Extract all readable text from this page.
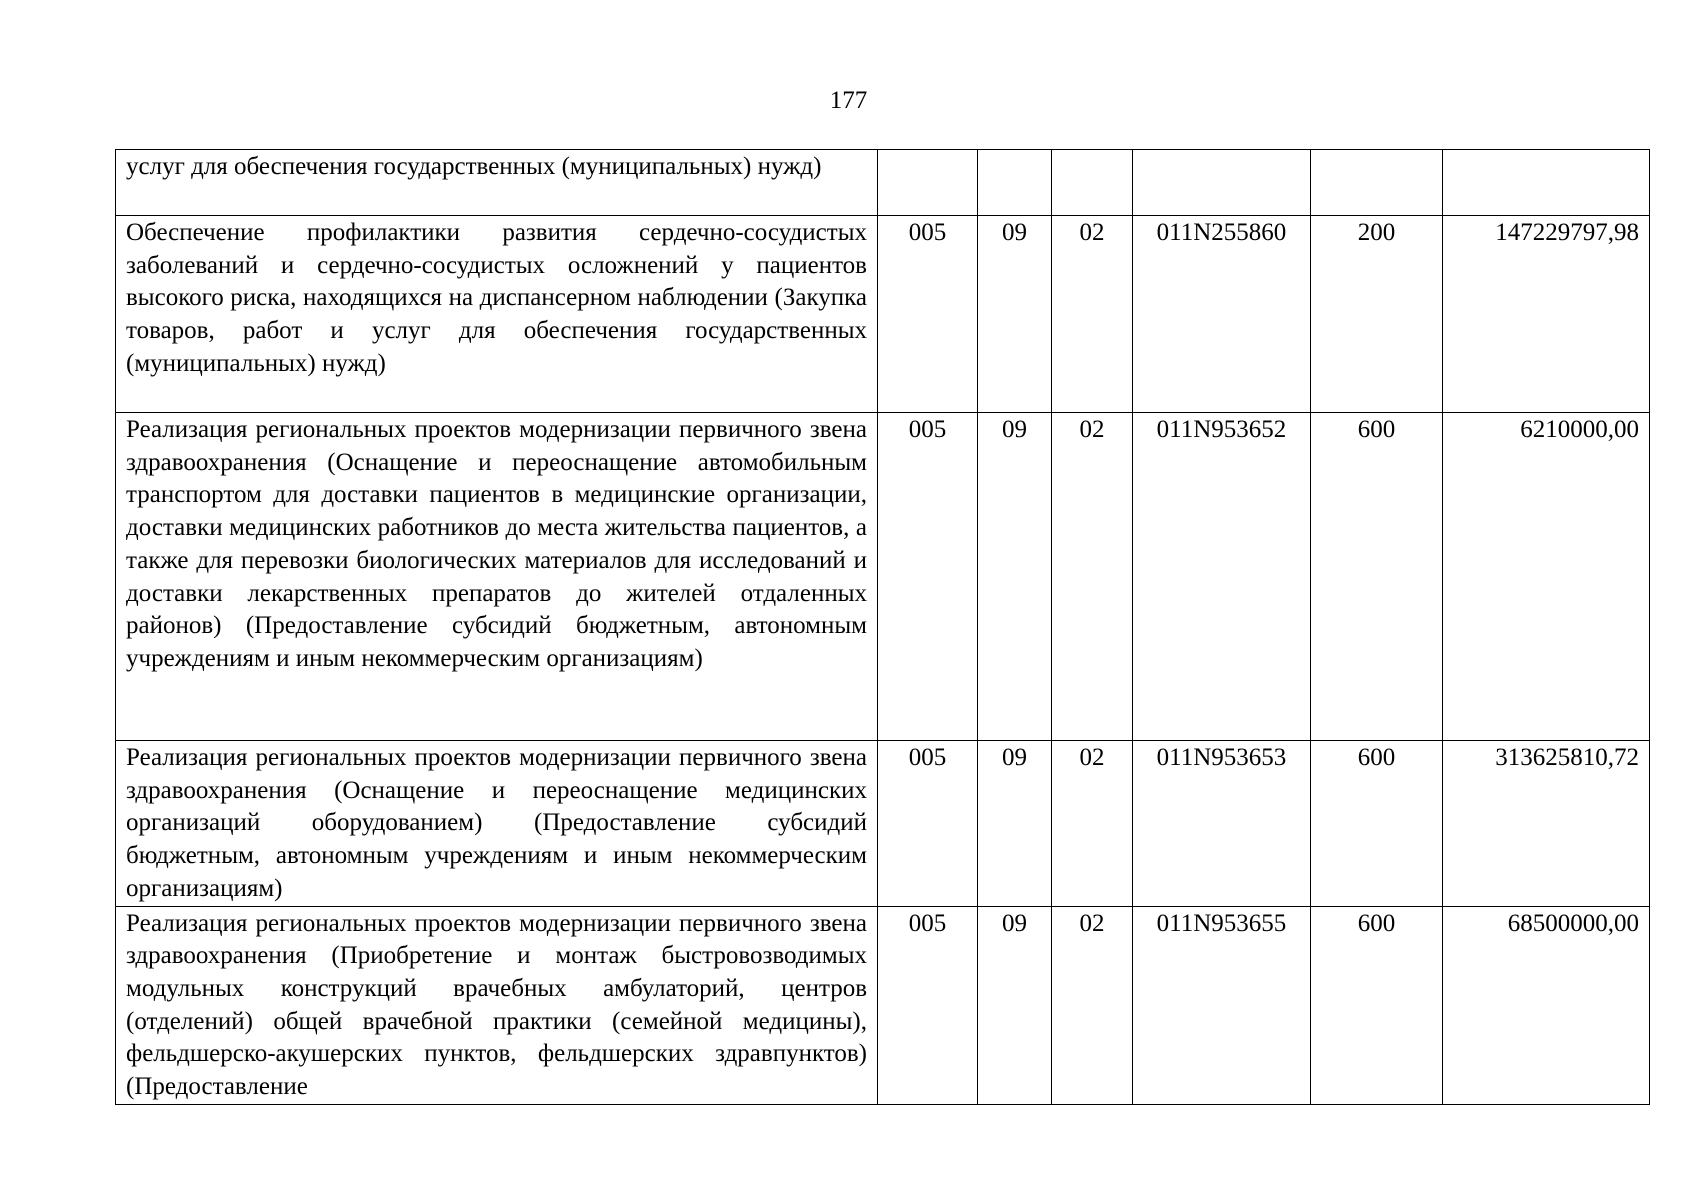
177
услуг для обеспечения государственных (муниципальных) нужд)						
Обеспечение профилактики развития сердечно-сосудистых заболеваний и сердечно-сосудистых осложнений у пациентов высокого риска, находящихся на диспансерном наблюдении (Закупка товаров, работ и услуг для обеспечения государственных (муниципальных) нужд)	005	09	02	011N255860	200	147229797,98
Реализация региональных проектов модернизации первичного звена здравоохранения (Оснащение и переоснащение автомобильным транспортом для доставки пациентов в медицинские организации, доставки медицинских работников до места жительства пациентов, а также для перевозки биологических материалов для исследований и доставки лекарственных препаратов до жителей отдаленных районов) (Предоставление субсидий бюджетным, автономным учреждениям и иным некоммерческим организациям)	005	09	02	011N953652	600	6210000,00
Реализация региональных проектов модернизации первичного звена здравоохранения (Оснащение и переоснащение медицинских организаций оборудованием) (Предоставление субсидий бюджетным, автономным учреждениям и иным некоммерческим организациям)	005	09	02	011N953653	600	313625810,72
Реализация региональных проектов модернизации первичного звена здравоохранения (Приобретение и монтаж быстровозводимых модульных конструкций врачебных амбулаторий, центров (отделений) общей врачебной практики (семейной медицины), фельдшерско-акушерских пунктов, фельдшерских здравпунктов) (Предоставление	005	09	02	011N953655	600	68500000,00
